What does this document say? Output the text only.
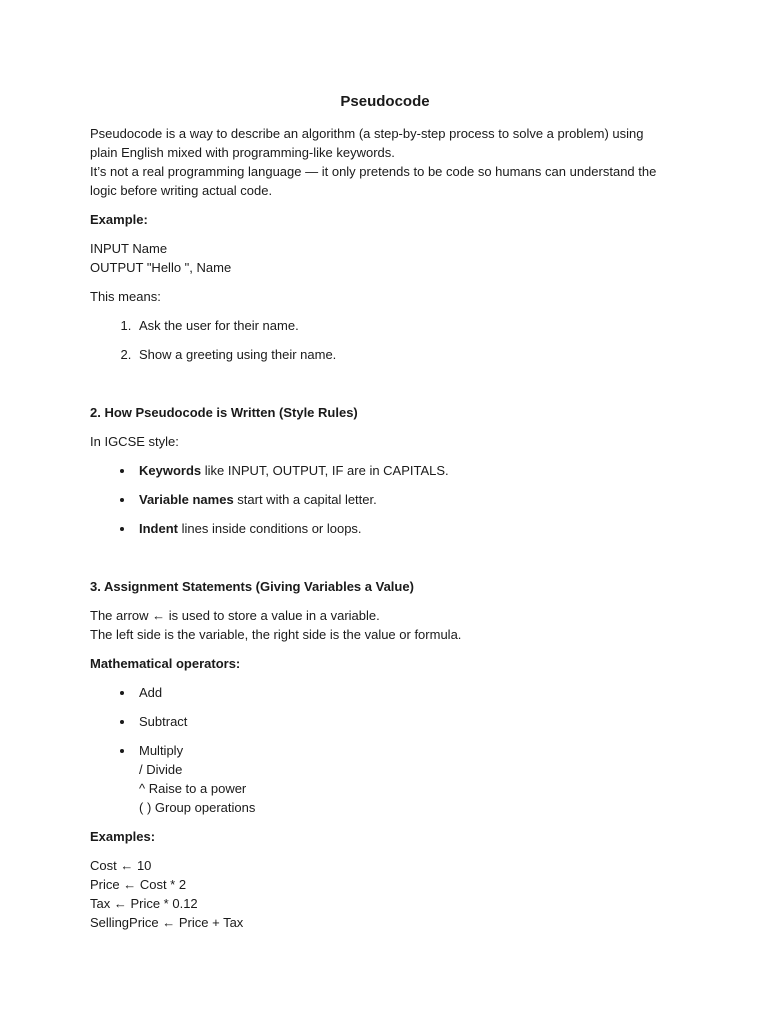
Pseudocode

Pseudocode is a way to describe an algorithm (a step-by-step process to solve a problem) using
plain English mixed with programming-like keywords.
It’s not a real programming language — it only pretends to be code so humans can understand the
logic before writing actual code.

Example:

INPUT Name
OUTPUT "Hello ", Name

This means:

1. Ask the user for their name.
2. Show a greeting using their name.

2. How Pseudocode is Written (Style Rules)

In IGCSE style:

• Keywords like INPUT, OUTPUT, IF are in CAPITALS.
• Variable names start with a capital letter.
• Indent lines inside conditions or loops.

3. Assignment Statements (Giving Variables a Value)

The arrow ← is used to store a value in a variable.
The left side is the variable, the right side is the value or formula.

Mathematical operators:

• Add
• Subtract
• Multiply
/ Divide
^ Raise to a power
( ) Group operations

Examples:

Cost ← 10
Price ← Cost * 2
Tax ← Price * 0.12
SellingPrice ← Price + Tax
